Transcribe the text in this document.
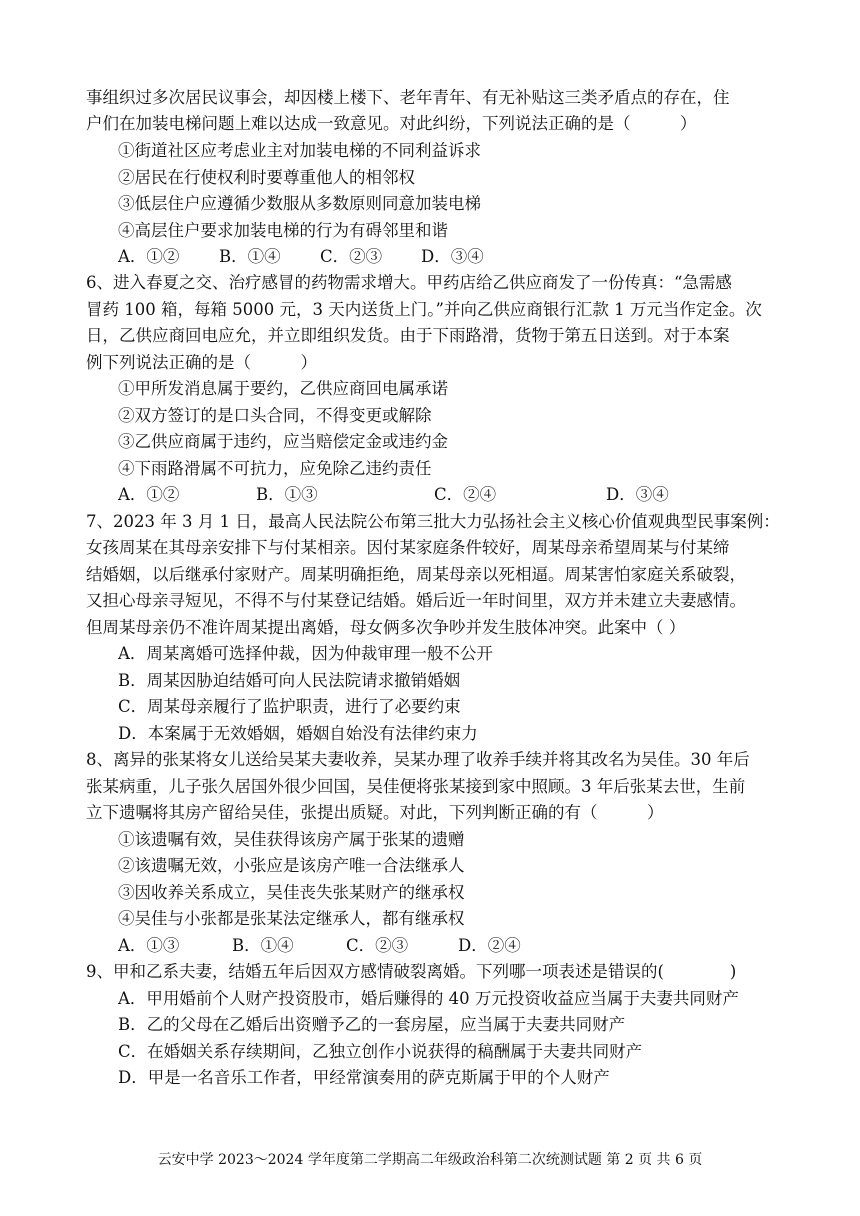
事组织过多次居民议事会，却因楼上楼下、老年青年、有无补贴这三类矛盾点的存在，住
户们在加装电梯问题上难以达成一致意见。对此纠纷，下列说法正确的是（　　　）
①街道社区应考虑业主对加装电梯的不同利益诉求
②居民在行使权利时要尊重他人的相邻权
③低层住户应遵循少数服从多数原则同意加装电梯
④高层住户要求加装电梯的行为有碍邻里和谐
A．①② B．①④ C．②③ D．③④
6、进入春夏之交、治疗感冒的药物需求增大。甲药店给乙供应商发了一份传真：“急需感
冒药 100 箱，每箱 5000 元，3 天内送货上门。”并向乙供应商银行汇款 1 万元当作定金。次
日，乙供应商回电应允，并立即组织发货。由于下雨路滑，货物于第五日送到。对于本案
例下列说法正确的是（　　　）
①甲所发消息属于要约，乙供应商回电属承诺
②双方签订的是口头合同，不得变更或解除
③乙供应商属于违约，应当赔偿定金或违约金
④下雨路滑属不可抗力，应免除乙违约责任
A．①②	B．①③	C．②④	D．③④
7、2023 年 3 月 1 日，最高人民法院公布第三批大力弘扬社会主义核心价值观典型民事案例：
女孩周某在其母亲安排下与付某相亲。因付某家庭条件较好，周某母亲希望周某与付某缔
结婚姻，以后继承付家财产。周某明确拒绝，周某母亲以死相逼。周某害怕家庭关系破裂，
又担心母亲寻短见，不得不与付某登记结婚。婚后近一年时间里，双方并未建立夫妻感情。
但周某母亲仍不准许周某提出离婚，母女俩多次争吵并发生肢体冲突。此案中（ ）
A．周某离婚可选择仲裁，因为仲裁审理一般不公开
B．周某因胁迫结婚可向人民法院请求撤销婚姻
C．周某母亲履行了监护职责，进行了必要约束
D．本案属于无效婚姻，婚姻自始没有法律约束力
8、离异的张某将女儿送给吴某夫妻收养，吴某办理了收养手续并将其改名为吴佳。30 年后
张某病重，儿子张久居国外很少回国，吴佳便将张某接到家中照顾。3 年后张某去世，生前
立下遗嘱将其房产留给吴佳，张提出质疑。对此，下列判断正确的有（　　　）
①该遗嘱有效，吴佳获得该房产属于张某的遗赠
②该遗嘱无效，小张应是该房产唯一合法继承人
③因收养关系成立，吴佳丧失张某财产的继承权
④吴佳与小张都是张某法定继承人，都有继承权
A．①③	B．①④	C．②③	D．②④
9、甲和乙系夫妻，结婚五年后因双方感情破裂离婚。下列哪一项表述是错误的(　　　　)
A．甲用婚前个人财产投资股市，婚后赚得的 40 万元投资收益应当属于夫妻共同财产
B．乙的父母在乙婚后出资赠予乙的一套房屋，应当属于夫妻共同财产
C．在婚姻关系存续期间，乙独立创作小说获得的稿酬属于夫妻共同财产
D．甲是一名音乐工作者，甲经常演奏用的萨克斯属于甲的个人财产
云安中学 2023～2024 学年度第二学期高二年级政治科第二次统测试题 第 2 页 共 6 页
